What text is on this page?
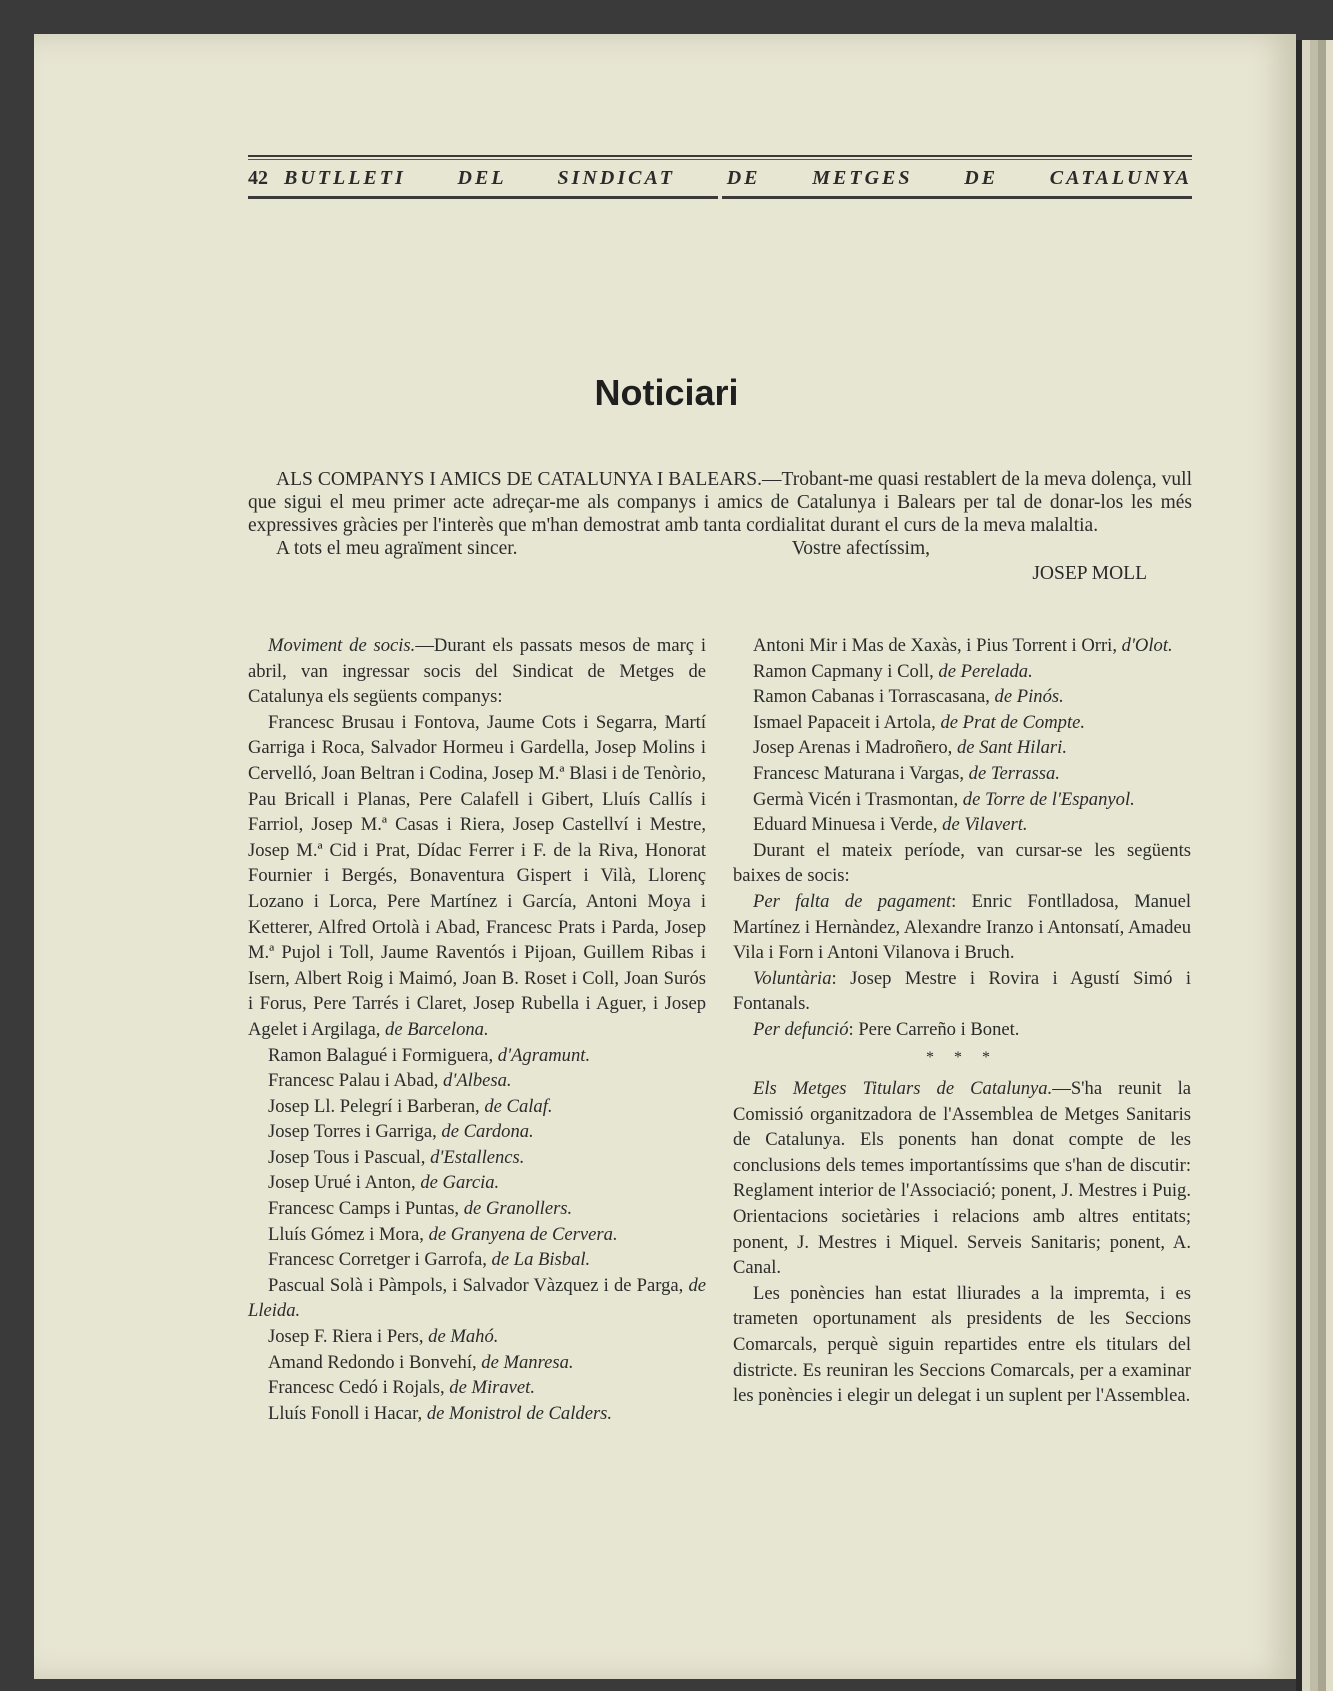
42 BUTLLETI DEL SINDICAT DE METGES DE CATALUNYA
Noticiari

ALS COMPANYS I AMICS DE CATALUNYA I BALEARS.—Trobant-me quasi restablert de la meva dolença, vull que sigui el meu primer acte adreçar-me als companys i amics de Catalunya i Balears per tal de donar-los les més expressives gràcies per l'interès que m'han demostrat amb tanta cordialitat durant el curs de la meva malaltia.

A tots el meu agraïment sincer.	Vostre afectíssim,
JOSEP MOLL

Moviment de socis.—Durant els passats mesos de març i abril, van ingressar socis del Sindicat de Metges de Catalunya els següents companys:

Francesc Brusau i Fontova, Jaume Cots i Segarra, Martí Garriga i Roca, Salvador Hormeu i Gardella, Josep Molins i Cervelló, Joan Beltran i Codina, Josep M.ª Blasi i de Tenòrio, Pau Bricall i Planas, Pere Calafell i Gibert, Lluís Callís i Farriol, Josep M.ª Casas i Riera, Josep Castellví i Mestre, Josep M.ª Cid i Prat, Dídac Ferrer i F. de la Riva, Honorat Fournier i Bergés, Bonaventura Gispert i Vilà, Llorenç Lozano i Lorca, Pere Martínez i García, Antoni Moya i Ketterer, Alfred Ortolà i Abad, Francesc Prats i Parda, Josep M.ª Pujol i Toll, Jaume Raventós i Pijoan, Guillem Ribas i Isern, Albert Roig i Maimó, Joan B. Roset i Coll, Joan Surós i Forus, Pere Tarrés i Claret, Josep Rubella i Aguer, i Josep Agelet i Argilaga, de Barcelona.

Ramon Balagué i Formiguera, d'Agramunt.

Francesc Palau i Abad, d'Albesa.

Josep Ll. Pelegrí i Barberan, de Calaf.

Josep Torres i Garriga, de Cardona.

Josep Tous i Pascual, d'Estallencs.

Josep Urué i Anton, de Garcia.

Francesc Camps i Puntas, de Granollers.

Lluís Gómez i Mora, de Granyena de Cervera.

Francesc Corretger i Garrofa, de La Bisbal.

Pascual Solà i Pàmpols, i Salvador Vàzquez i de Parga, de Lleida.

Josep F. Riera i Pers, de Mahó.

Amand Redondo i Bonvehí, de Manresa.

Francesc Cedó i Rojals, de Miravet.

Lluís Fonoll i Hacar, de Monistrol de Calders.

Antoni Mir i Mas de Xaxàs, i Pius Torrent i Orri, d'Olot.

Ramon Capmany i Coll, de Perelada.

Ramon Cabanas i Torrascasana, de Pinós.

Ismael Papaceit i Artola, de Prat de Compte.

Josep Arenas i Madroñero, de Sant Hilari.

Francesc Maturana i Vargas, de Terrassa.

Germà Vicén i Trasmontan, de Torre de l'Espanyol.

Eduard Minuesa i Verde, de Vilavert.

Durant el mateix període, van cursar-se les següents baixes de socis:

Per falta de pagament: Enric Fontlladosa, Manuel Martínez i Hernàndez, Alexandre Iranzo i Antonsatí, Amadeu Vila i Forn i Antoni Vilanova i Bruch.

Voluntària: Josep Mestre i Rovira i Agustí Simó i Fontanals.

Per defunció: Pere Carreño i Bonet.

* * *

Els Metges Titulars de Catalunya.—S'ha reunit la Comissió organitzadora de l'Assemblea de Metges Sanitaris de Catalunya. Els ponents han donat compte de les conclusions dels temes importantíssims que s'han de discutir: Reglament interior de l'Associació; ponent, J. Mestres i Puig. Orientacions societàries i relacions amb altres entitats; ponent, J. Mestres i Miquel. Serveis Sanitaris; ponent, A. Canal.

Les ponències han estat lliurades a la impremta, i es trameten oportunament als presidents de les Seccions Comarcals, perquè siguin repartides entre els titulars del districte. Es reuniran les Seccions Comarcals, per a examinar les ponències i elegir un delegat i un suplent per l'Assemblea.
